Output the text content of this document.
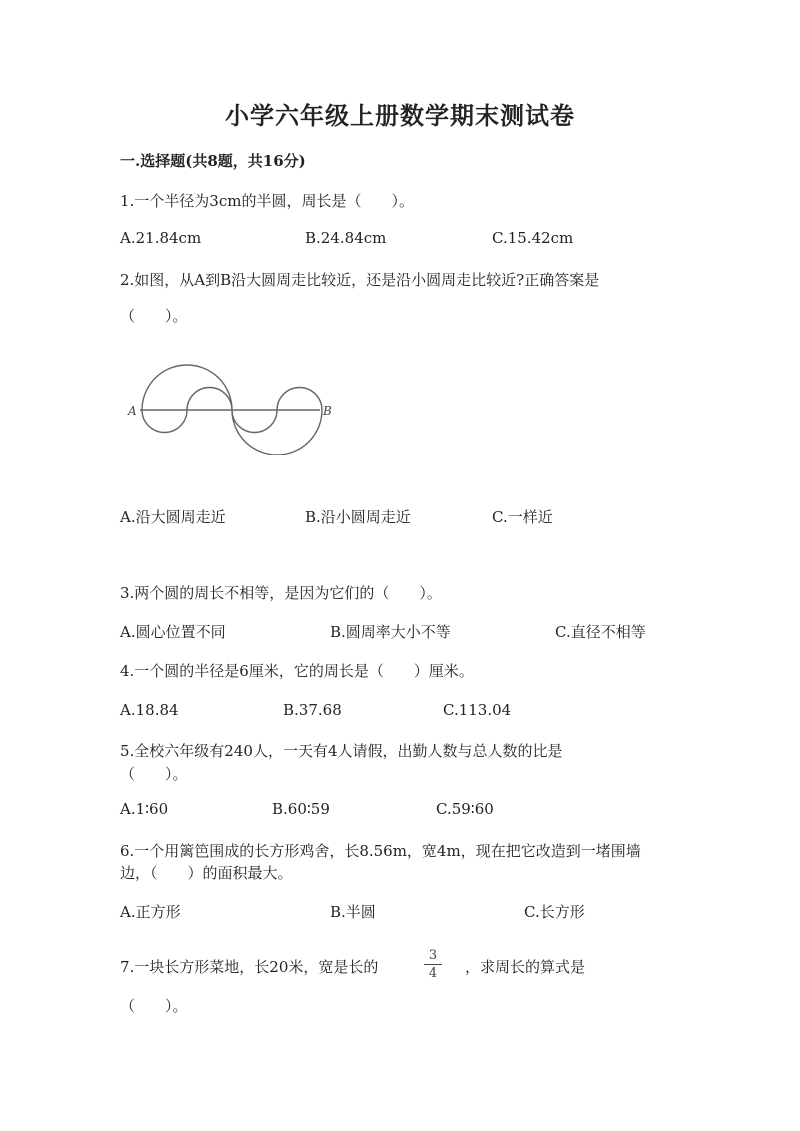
小学六年级上册数学期末测试卷
一.选择题(共8题，共16分)
1.一个半径为3cm的半圆，周长是（　　）。
A.21.84cm	B.24.84cm	C.15.42cm
2.如图，从A到B沿大圆周走比较近，还是沿小圆周走比较近?正确答案是
（　　）。
A	B
A.沿大圆周走近	B.沿小圆周走近	C.一样近
3.两个圆的周长不相等，是因为它们的（　　）。
A.圆心位置不同	B.圆周率大小不等	C.直径不相等
4.一个圆的半径是6厘米，它的周长是（　　）厘米。
A.18.84	B.37.68	C.113.04
5.全校六年级有240人，一天有4人请假，出勤人数与总人数的比是
（　　）。
A.1∶60	B.60∶59	C.59∶60
6.一个用篱笆围成的长方形鸡舍，长8.56m，宽4m，现在把它改造到一堵围墙
边，（　　）的面积最大。
A.正方形	B.半圆	C.长方形
7.一块长方形菜地，长20米，宽是长的
3
4	，求周长的算式是
（　　）。
